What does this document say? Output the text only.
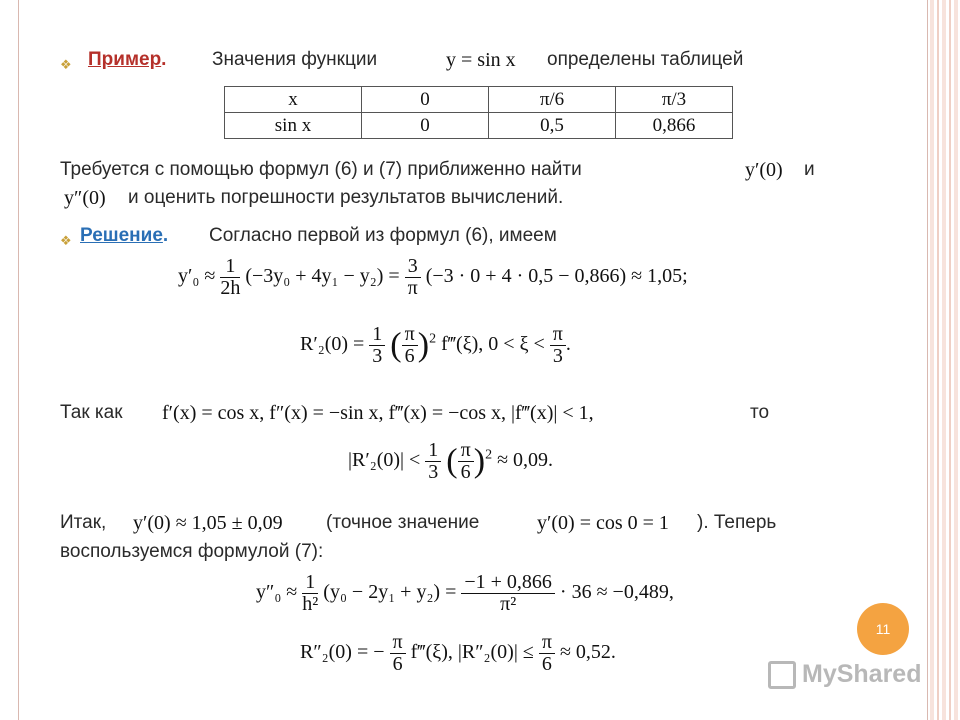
❖ Пример. Значения функции	y = sin x определены таблицей
x	0	π/6	π/3
sin x	0	0,5	0,866
Требуется с помощью формул (6) и (7) приближенно найти	y′(0) и
y″(0) и оценить погрешности результатов вычислений.
❖ Решение. Согласно первой из формул (6), имеем
$y'_0 \approx \frac{1}{2h} (-3y_0 + 4y_1 - y_2) = \frac{3}{\pi} (-3 \cdot 0 + 4 \cdot 0,5 - 0,866) \approx 1,05$;
$R'_2(0) = \frac{1}{3}$ ( $\frac{\pi}{6} )^2$ f‴(ξ), $0 < \xi < \frac{\pi}{3}$ .
Так как f′(x) = cos x, f″(x) = −sin x, f‴(x) = −cos x, |f‴(x)| < 1,	то
$|R'_2(0)| < \frac{1}{3}$ ( $\frac{\pi}{6} )^2 \approx 0,09$.
Итак, y′(0) ≈ 1,05 ± 0,09 (точное значение	y′(0) = cos 0 = 1 ). Теперь
воспользуемся формулой (7):
$y''_0 \approx \frac{1}{\text{h²}} (y_0 - 2y_1 + y_2) = \frac{-1 + 0,866}{\text{π²}} \cdot 36 \approx -0,489$,
R″₂(0) = − $\frac{\pi}{6}$ f‴(ξ), $|R''_2(0)| \le \frac{\pi}{6} \approx 0,52$.
11
MyShared
